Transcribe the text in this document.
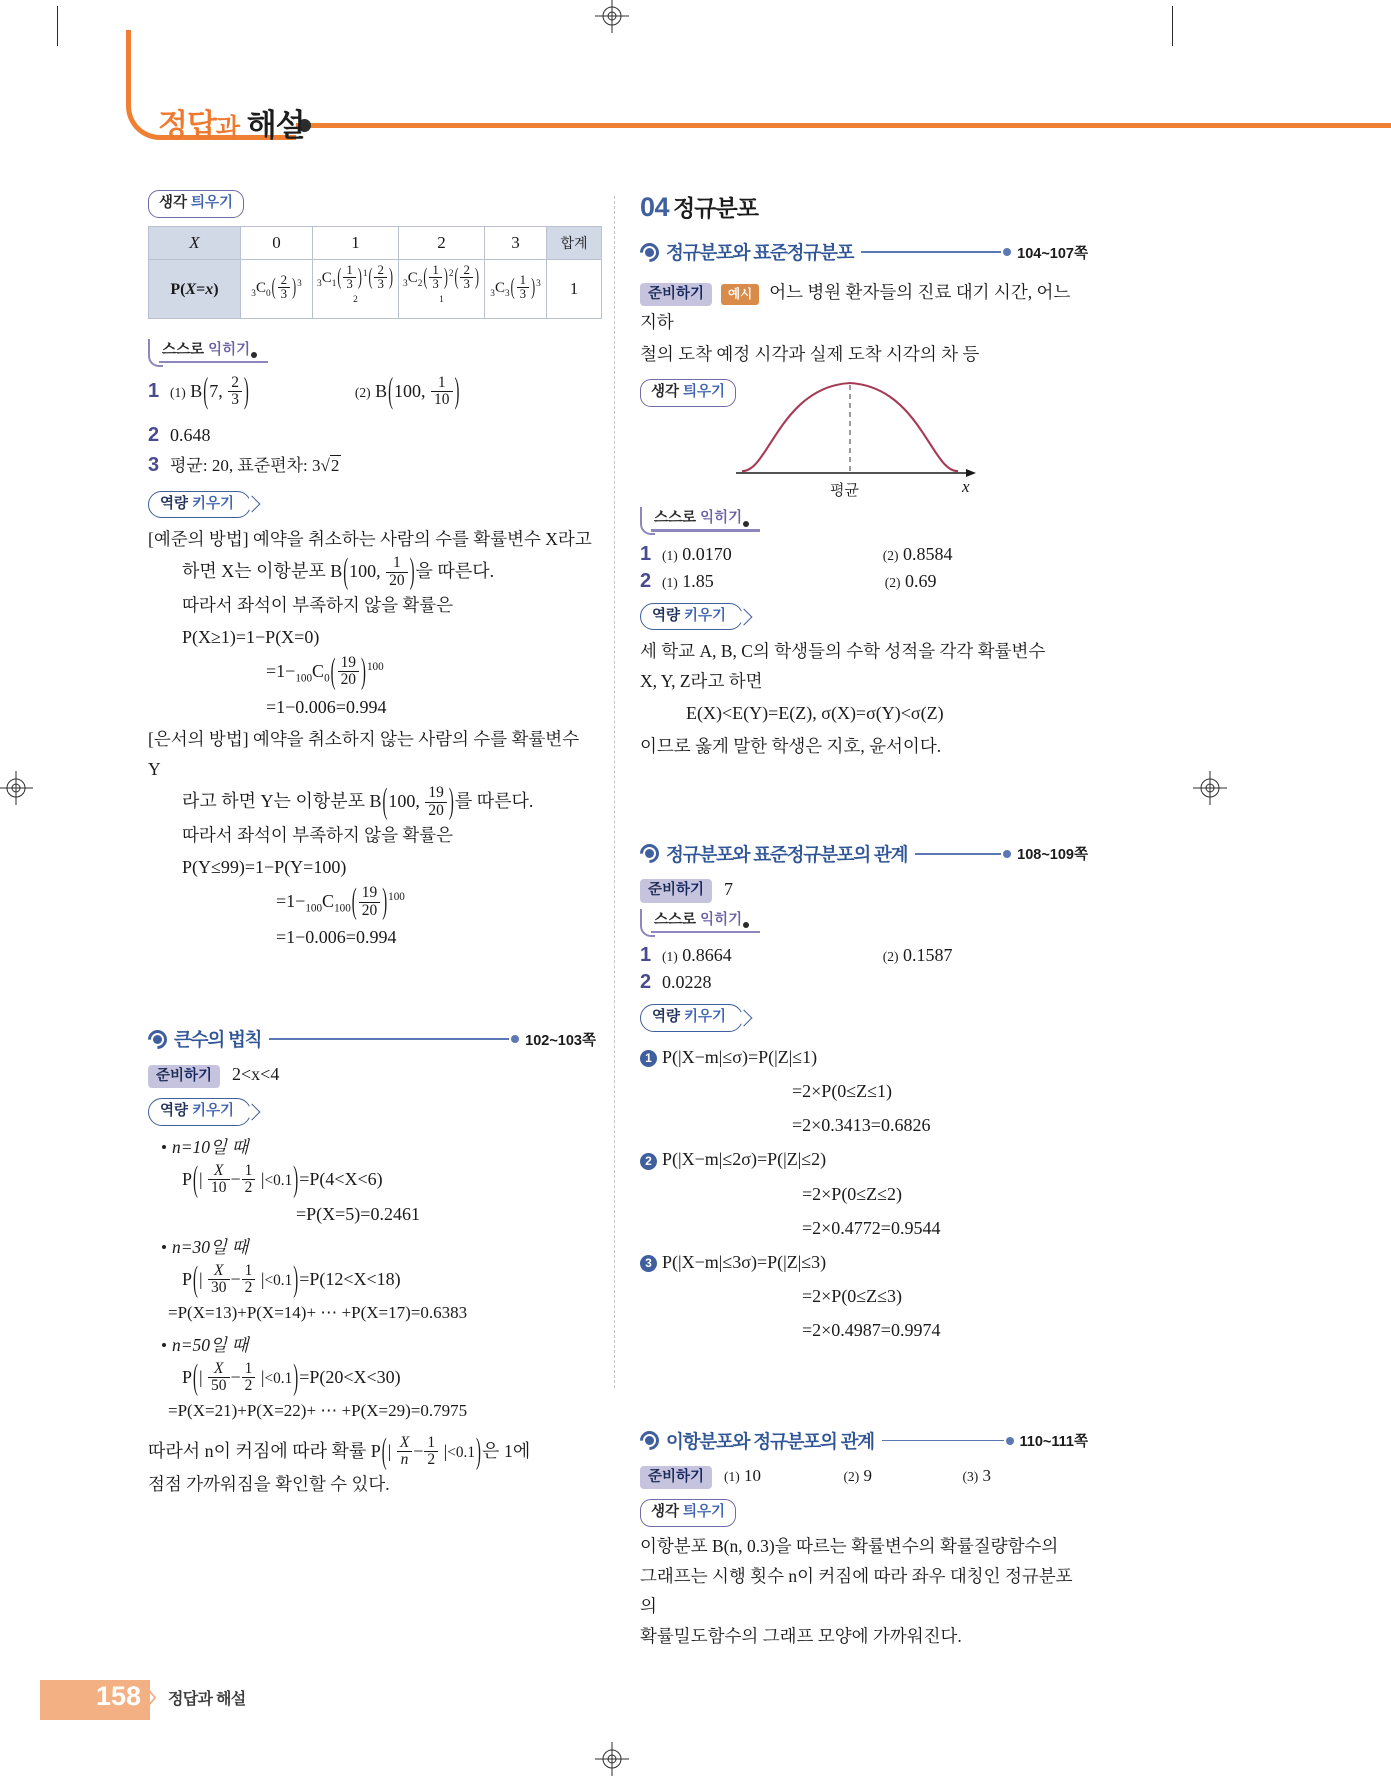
정답과 해설
생각 틔우기
X	0	1	2	3	합계
P(X=x)	$_3C_0( \frac{2}{3} )^3$	$_3C_1( \frac{1}{3} )^1( \frac{2}{3} )^2$	$_3C_2( \frac{1}{3} )^2( \frac{2}{3} )^1$	$_3C_3( \frac{1}{3} )^3$	1
스스로 익히기
1 (1) B(7, $\frac{2}{3}$ )	(2) B(100, $\frac{1}{10}$ )
2 0.648
3 평균: 20, 표준편차: 3√2
역량 키우기
[예준의 방법] 예약을 취소하는 사람의 수를 확률변수 X라고
하면 X는 이항분포 B(100, $\frac{1}{20}$ )을 따른다.
따라서 좌석이 부족하지 않을 확률은
P(X≥1)=1−P(X=0)
$=1-_{100}C_0( \frac{19}{20} )^{100}$
=1−0.006=0.994
[은서의 방법] 예약을 취소하지 않는 사람의 수를 확률변수 Y
라고 하면 Y는 이항분포 B(100, $\frac{19}{20}$ )를 따른다.
따라서 좌석이 부족하지 않을 확률은
P(Y≤99)=1−P(Y=100)
$=1-_{100}C_{100}( \frac{19}{20} )^{100}$
=1−0.006=0.994
큰수의 법칙	102~103쪽
준비하기 2<x<4
역량 키우기
n=10일 때
$P(| \frac{X}{10} - \frac{1}{2} |<0.1)=P(4<X<6)$
=P(X=5)=0.2461
n=30일 때
$P(| \frac{X}{30} - \frac{1}{2} |<0.1)=P(12<X<18)$
=P(X=13)+P(X=14)+ ⋯ +P(X=17)=0.6383
n=50일 때
$P(| \frac{X}{50} - \frac{1}{2} |<0.1)=P(20<X<30)$
=P(X=21)+P(X=22)+ ⋯ +P(X=29)=0.7975
따라서 n이 커짐에 따라 확률 $P(| \frac{X}{n} - \frac{1}{2} |<0.1)$은 1에
점점 가까워짐을 확인할 수 있다.
04 정규분포
정규분포와 표준정규분포	104~107쪽
준비하기 예시 어느 병원 환자들의 진료 대기 시간, 어느 지하
철의 도착 예정 시각과 실제 도착 시각의 차 등
생각 틔우기
평균	x
스스로 익히기
1 (1) 0.0170	(2) 0.8584
2 (1) 1.85	(2) 0.69
역량 키우기
세 학교 A, B, C의 학생들의 수학 성적을 각각 확률변수
X, Y, Z라고 하면
E(X)<E(Y)=E(Z), σ(X)=σ(Y)<σ(Z)
이므로 옳게 말한 학생은 지호, 윤서이다.
정규분포와 표준정규분포의 관계	108~109쪽
준비하기 7
스스로 익히기
1 (1) 0.8664	(2) 0.1587
2 0.0228
역량 키우기
1 P(|X−m|≤σ)=P(|Z|≤1)
=2×P(0≤Z≤1)
=2×0.3413=0.6826
2 P(|X−m|≤2σ)=P(|Z|≤2)
=2×P(0≤Z≤2)
=2×0.4772=0.9544
3 P(|X−m|≤3σ)=P(|Z|≤3)
=2×P(0≤Z≤3)
=2×0.4987=0.9974
이항분포와 정규분포의 관계	110~111쪽
준비하기 (1) 10	(2) 9	(3) 3
생각 틔우기
이항분포 B(n, 0.3)을 따르는 확률변수의 확률질량함수의
그래프는 시행 횟수 n이 커짐에 따라 좌우 대칭인 정규분포의
확률밀도함수의 그래프 모양에 가까워진다.
158 〉 정답과 해설
